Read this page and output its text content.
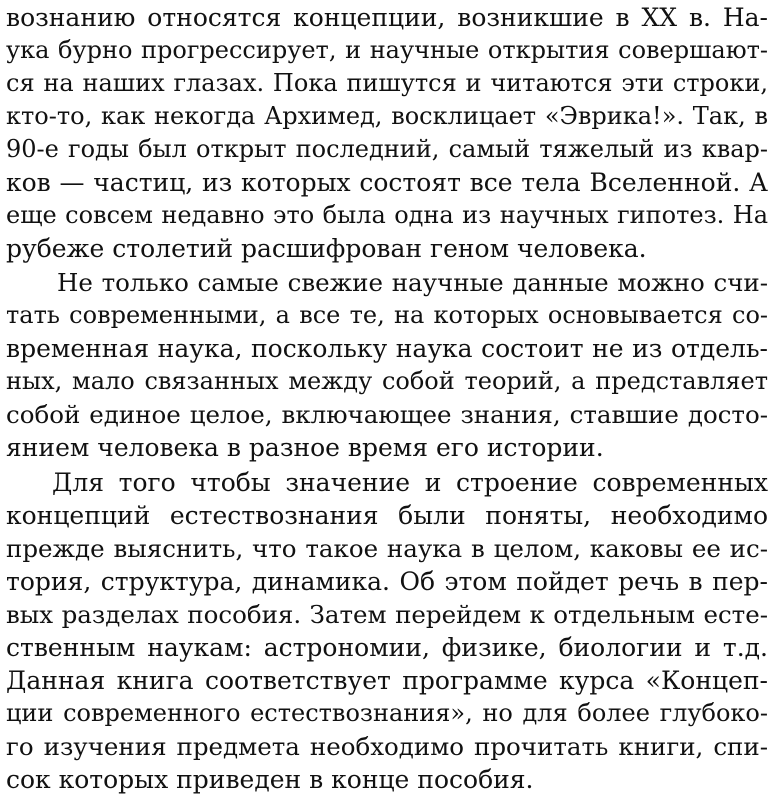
вознанию относятся концепции, возникшие в XX в. На-
ука бурно прогрессирует, и научные открытия совершают-
ся на наших глазах. Пока пишутся и читаются эти строки,
кто-то, как некогда Архимед, восклицает «Эврика!». Так, в
90-е годы был открыт последний, самый тяжелый из квар-
ков — частиц, из которых состоят все тела Вселенной. А
еще совсем недавно это была одна из научных гипотез. На
рубеже столетий расшифрован геном человека.
Не только самые свежие научные данные можно счи-
тать современными, а все те, на которых основывается со-
временная наука, поскольку наука состоит не из отдель-
ных, мало связанных между собой теорий, а представляет
собой единое целое, включающее знания, ставшие досто-
янием человека в разное время его истории.
Для того чтобы значение и строение современных
концепций естествознания были поняты, необходимо
прежде выяснить, что такое наука в целом, каковы ее ис-
тория, структура, динамика. Об этом пойдет речь в пер-
вых разделах пособия. Затем перейдем к отдельным есте-
ственным наукам: астрономии, физике, биологии и т.д.
Данная книга соответствует программе курса «Концеп-
ции современного естествознания», но для более глубоко-
го изучения предмета необходимо прочитать книги, спи-
сок которых приведен в конце пособия.
